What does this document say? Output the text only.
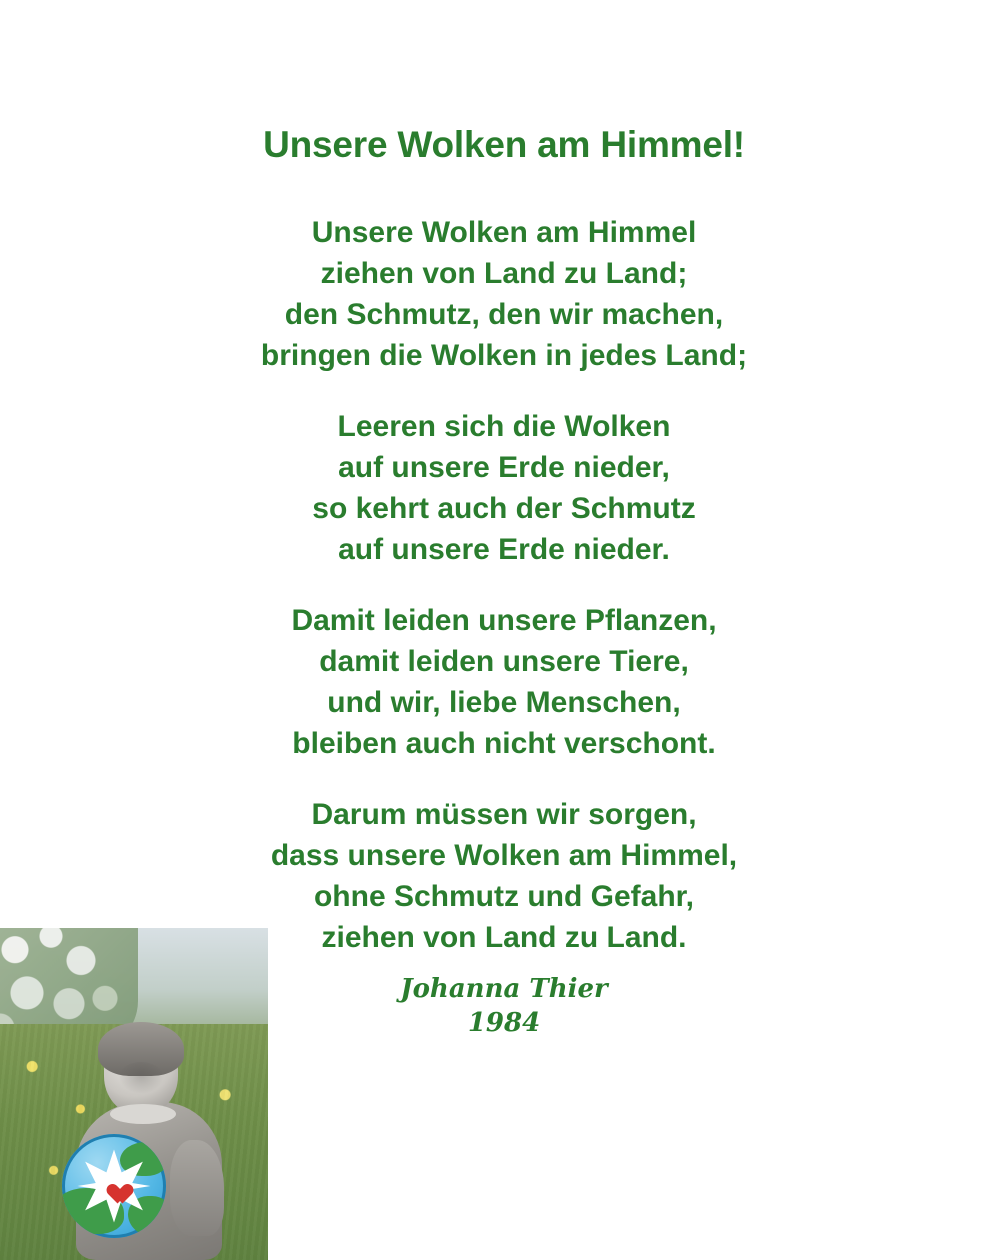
Unsere Wolken am Himmel!
Unsere Wolken am Himmel
ziehen von Land zu Land;
den Schmutz, den wir machen,
bringen die Wolken in jedes Land;
Leeren sich die Wolken
auf unsere Erde nieder,
so kehrt auch der Schmutz
auf unsere Erde nieder.
Damit leiden unsere Pflanzen,
damit leiden unsere Tiere,
und wir, liebe Menschen,
bleiben auch nicht verschont.
Darum müssen wir sorgen,
dass unsere Wolken am Himmel,
ohne Schmutz und Gefahr,
ziehen von Land zu Land.
Johanna Thier
1984
